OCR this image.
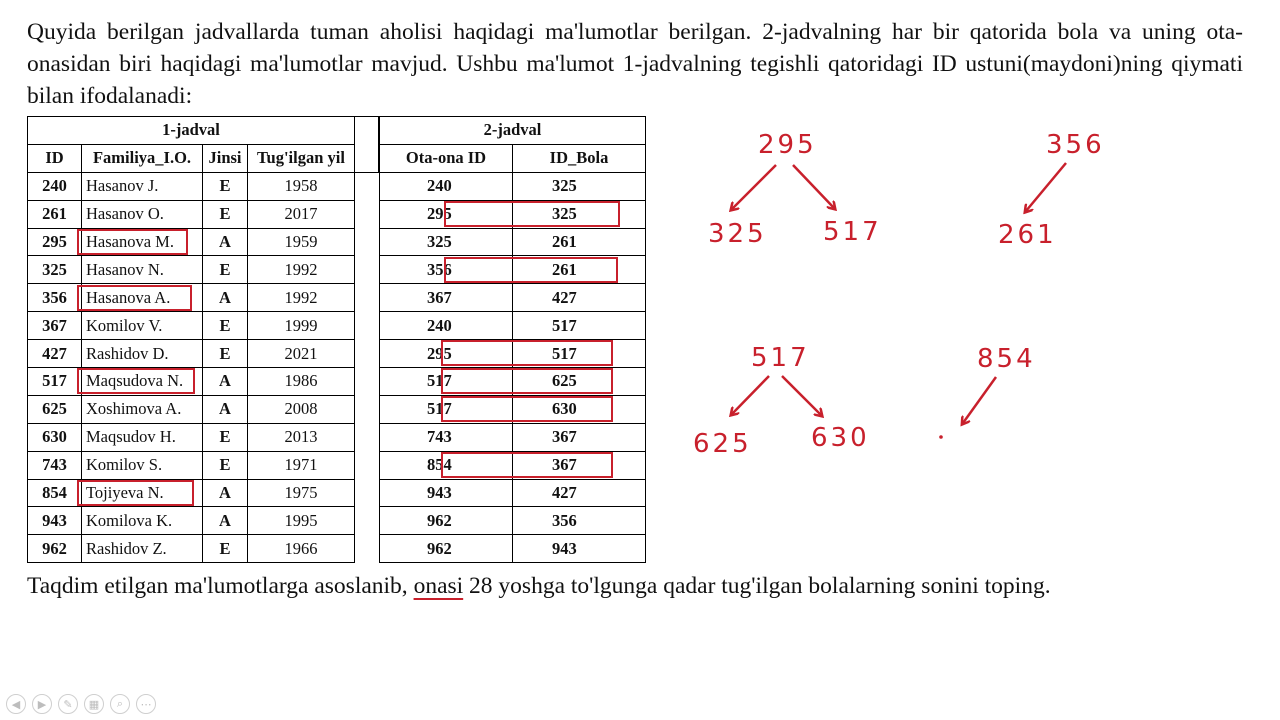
Quyida berilgan jadvallarda tuman aholisi haqidagi ma'lumotlar berilgan. 2-jadvalning har bir qatorida bola va uning ota-onasidan biri haqidagi ma'lumotlar mavjud. Ushbu ma'lumot 1-jadvalning tegishli qatoridagi ID ustuni(maydoni)ning qiymati bilan ifodalanadi:
1-jadval				
ID	Familiya_I.O.	Jinsi	Tug'ilgan yil	
240	Hasanov J.	E	1958	
261	Hasanov O.	E	2017	
295	Hasanova M.	A	1959	
325	Hasanov N.	E	1992	
356	Hasanova A.	A	1992	
367	Komilov V.	E	1999	
427	Rashidov D.	E	2021	
517	Maqsudova N.	A	1986	
625	Xoshimova A.	A	2008	
630	Maqsudov H.	E	2013	
743	Komilov S.	E	1971	
854	Tojiyeva N.	A	1975	
943	Komilova K.	A	1995	
962	Rashidov Z.	E	1966	
2-jadval	
Ota-ona ID	ID_Bola
240	325
295	325
325	261
356	261
367	427
240	517
295	517
517	625
517	630
743	367
854	367
943	427
962	356
962	943
295
325 517
356
261
517
625 630
854
Taqdim etilgan ma'lumotlarga asoslanib, onasi 28 yoshga to'lgunga qadar tug'ilgan bolalarning sonini toping.
◀	▶	✎	▦	⌕	⋯
